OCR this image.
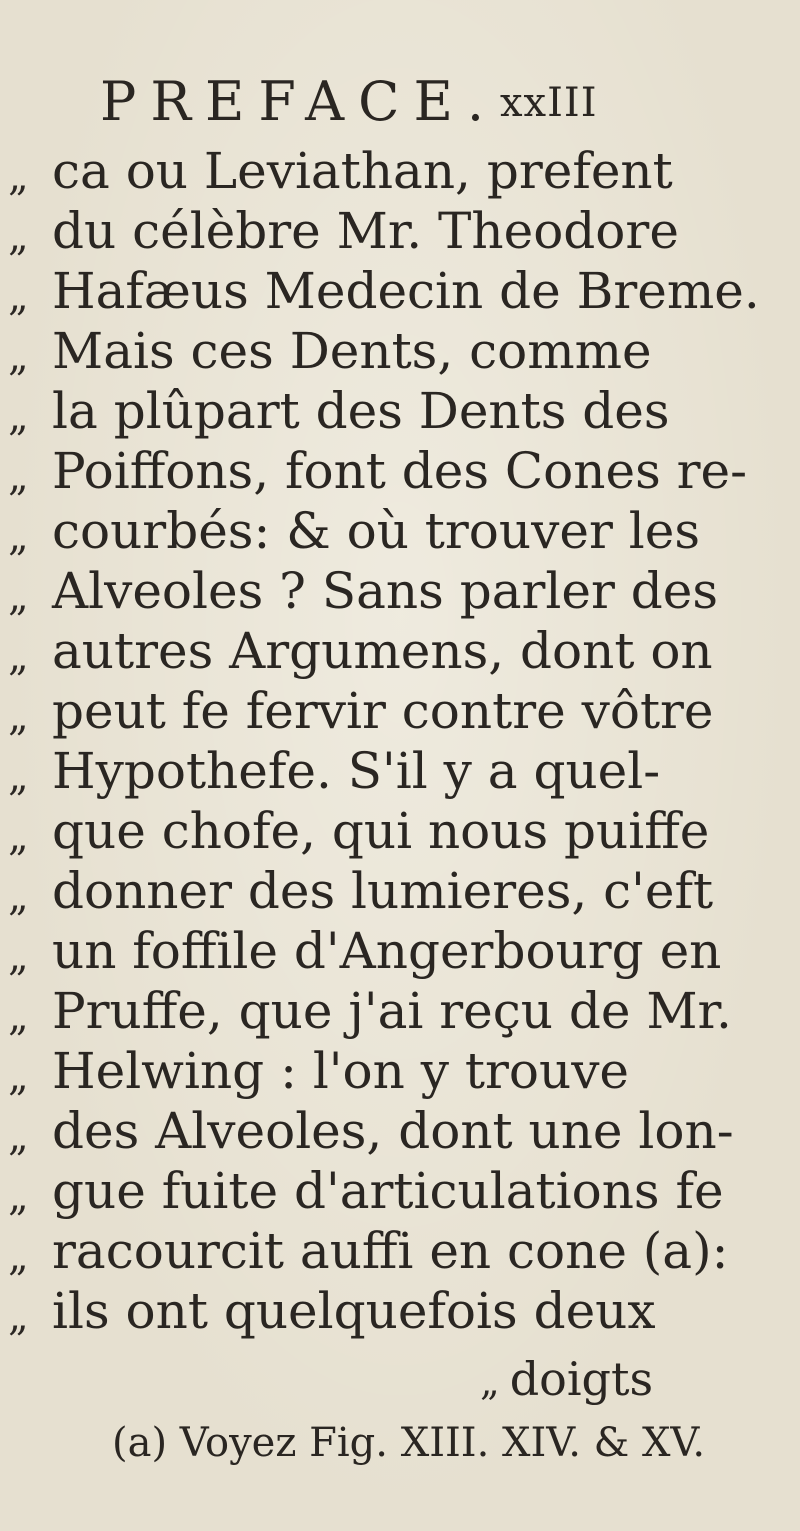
PREFACE. xxIII
„ ca ou Leviathan, prefent
„ du célèbre Mr. Theodore
„ Hafæus Medecin de Breme.
„ Mais ces Dents, comme
„ la plûpart des Dents des
„ Poiffons, font des Cones re-
„ courbés: & où trouver les
„ Alveoles ? Sans parler des
„ autres Argumens, dont on
„ peut fe fervir contre vôtre
„ Hypothefe. S'il y a quel-
„ que chofe, qui nous puiffe
„ donner des lumieres, c'eft
„ un foffile d'Angerbourg en
„ Pruffe, que j'ai reçu de Mr.
„ Helwing : l'on y trouve
„ des Alveoles, dont une lon-
„ gue fuite d'articulations fe
„ racourcit auffi en cone (a):
„ ils ont quelquefois deux
„ doigts
(a) Voyez Fig. XIII. XIV. & XV.
